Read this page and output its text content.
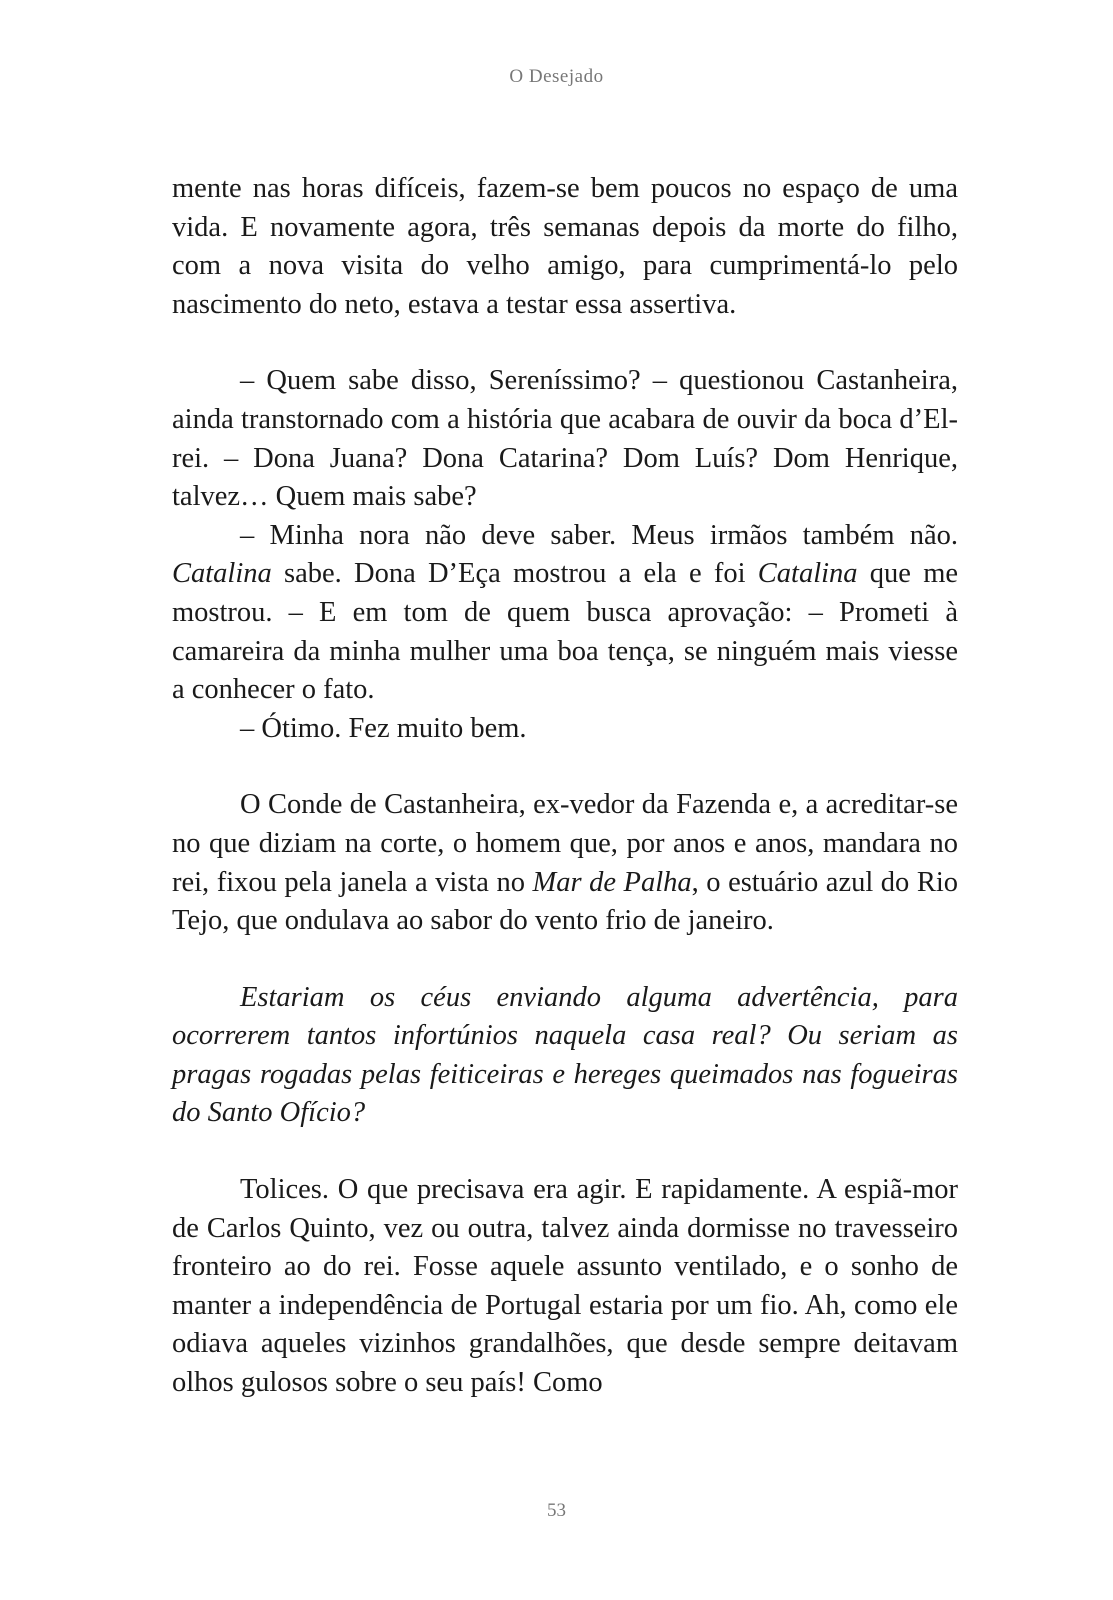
O Desejado

mente nas horas difíceis, fazem-se bem poucos no espaço de uma vida. E novamente agora, três semanas depois da morte do filho, com a nova visita do velho amigo, para cumprimentá-lo pelo nascimento do neto, estava a testar essa assertiva.

– Quem sabe disso, Sereníssimo? – questionou Castanheira, ainda transtornado com a história que acabara de ouvir da boca d’El-rei. – Dona Juana? Dona Catarina? Dom Luís? Dom Henrique, talvez… Quem mais sabe?

– Minha nora não deve saber. Meus irmãos também não. Catalina sabe. Dona D’Eça mostrou a ela e foi Catalina que me mostrou. – E em tom de quem busca aprovação: – Prometi à camareira da minha mulher uma boa tença, se ninguém mais viesse a conhecer o fato.

– Ótimo. Fez muito bem.

O Conde de Castanheira, ex-vedor da Fazenda e, a acreditar-se no que diziam na corte, o homem que, por anos e anos, mandara no rei, fixou pela janela a vista no Mar de Palha, o estuário azul do Rio Tejo, que ondulava ao sabor do vento frio de janeiro.

Estariam os céus enviando alguma advertência, para ocorrerem tantos infortúnios naquela casa real? Ou seriam as pragas rogadas pelas feiticeiras e hereges queimados nas fogueiras do Santo Ofício?

Tolices. O que precisava era agir. E rapidamente. A espiã-mor de Carlos Quinto, vez ou outra, talvez ainda dormisse no travesseiro fronteiro ao do rei. Fosse aquele assunto ventilado, e o sonho de manter a independência de Portugal estaria por um fio. Ah, como ele odiava aqueles vizinhos grandalhões, que desde sempre deitavam olhos gulosos sobre o seu país! Como

53
